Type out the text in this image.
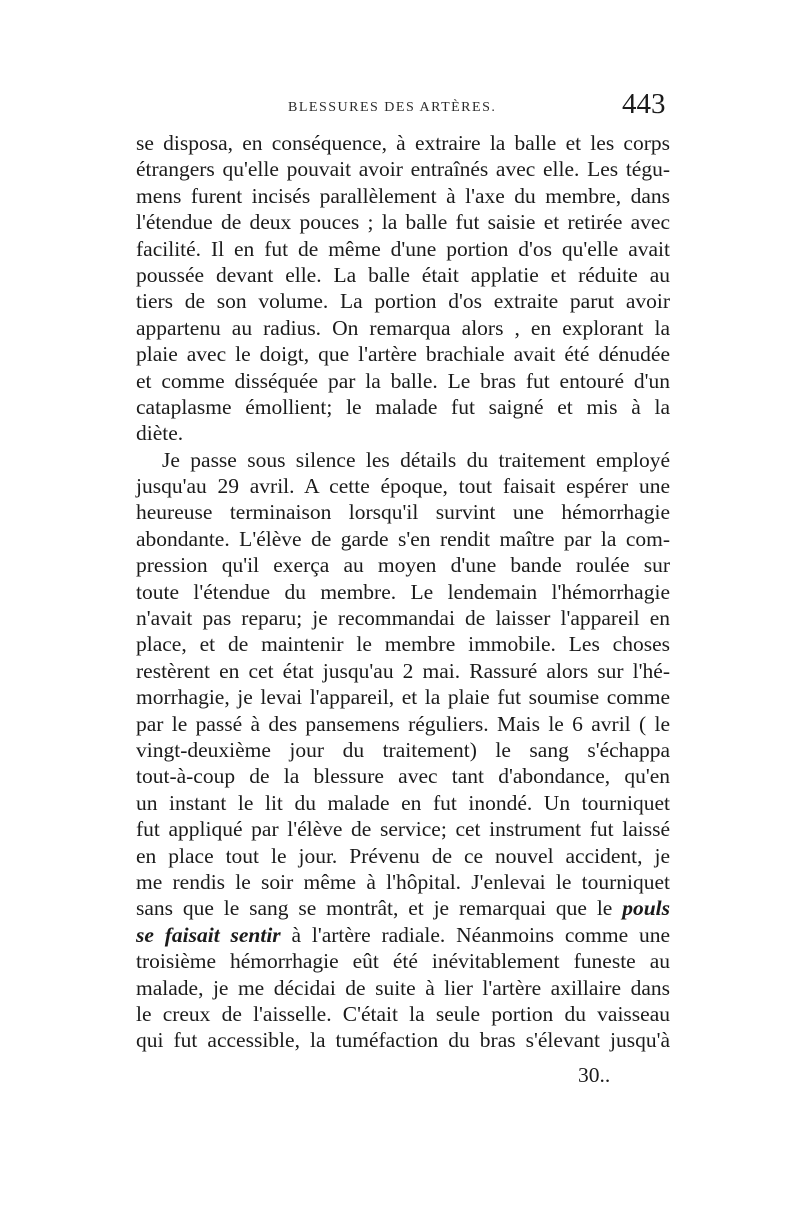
BLESSURES DES ARTÈRES.	443
se disposa, en conséquence, à extraire la balle et les corps
étrangers qu'elle pouvait avoir entraînés avec elle. Les tégu-
mens furent incisés parallèlement à l'axe du membre, dans
l'étendue de deux pouces ; la balle fut saisie et retirée avec
facilité. Il en fut de même d'une portion d'os qu'elle avait
poussée devant elle. La balle était applatie et réduite au
tiers de son volume. La portion d'os extraite parut avoir
appartenu au radius. On remarqua alors , en explorant la
plaie avec le doigt, que l'artère brachiale avait été dénudée
et comme disséquée par la balle. Le bras fut entouré d'un
cataplasme émollient; le malade fut saigné et mis à la
diète.
Je passe sous silence les détails du traitement employé
jusqu'au 29 avril. A cette époque, tout faisait espérer une
heureuse terminaison lorsqu'il survint une hémorrhagie
abondante. L'élève de garde s'en rendit maître par la com-
pression qu'il exerça au moyen d'une bande roulée sur
toute l'étendue du membre. Le lendemain l'hémorrhagie
n'avait pas reparu; je recommandai de laisser l'appareil en
place, et de maintenir le membre immobile. Les choses
restèrent en cet état jusqu'au 2 mai. Rassuré alors sur l'hé-
morrhagie, je levai l'appareil, et la plaie fut soumise comme
par le passé à des pansemens réguliers. Mais le 6 avril ( le
vingt-deuxième jour du traitement) le sang s'échappa
tout-à-coup de la blessure avec tant d'abondance, qu'en
un instant le lit du malade en fut inondé. Un tourniquet
fut appliqué par l'élève de service; cet instrument fut laissé
en place tout le jour. Prévenu de ce nouvel accident, je
me rendis le soir même à l'hôpital. J'enlevai le tourniquet
sans que le sang se montrât, et je remarquai que le pouls
se faisait sentir à l'artère radiale. Néanmoins comme une
troisième hémorrhagie eût été inévitablement funeste au
malade, je me décidai de suite à lier l'artère axillaire dans
le creux de l'aisselle. C'était la seule portion du vaisseau
qui fut accessible, la tuméfaction du bras s'élevant jusqu'à
30..
